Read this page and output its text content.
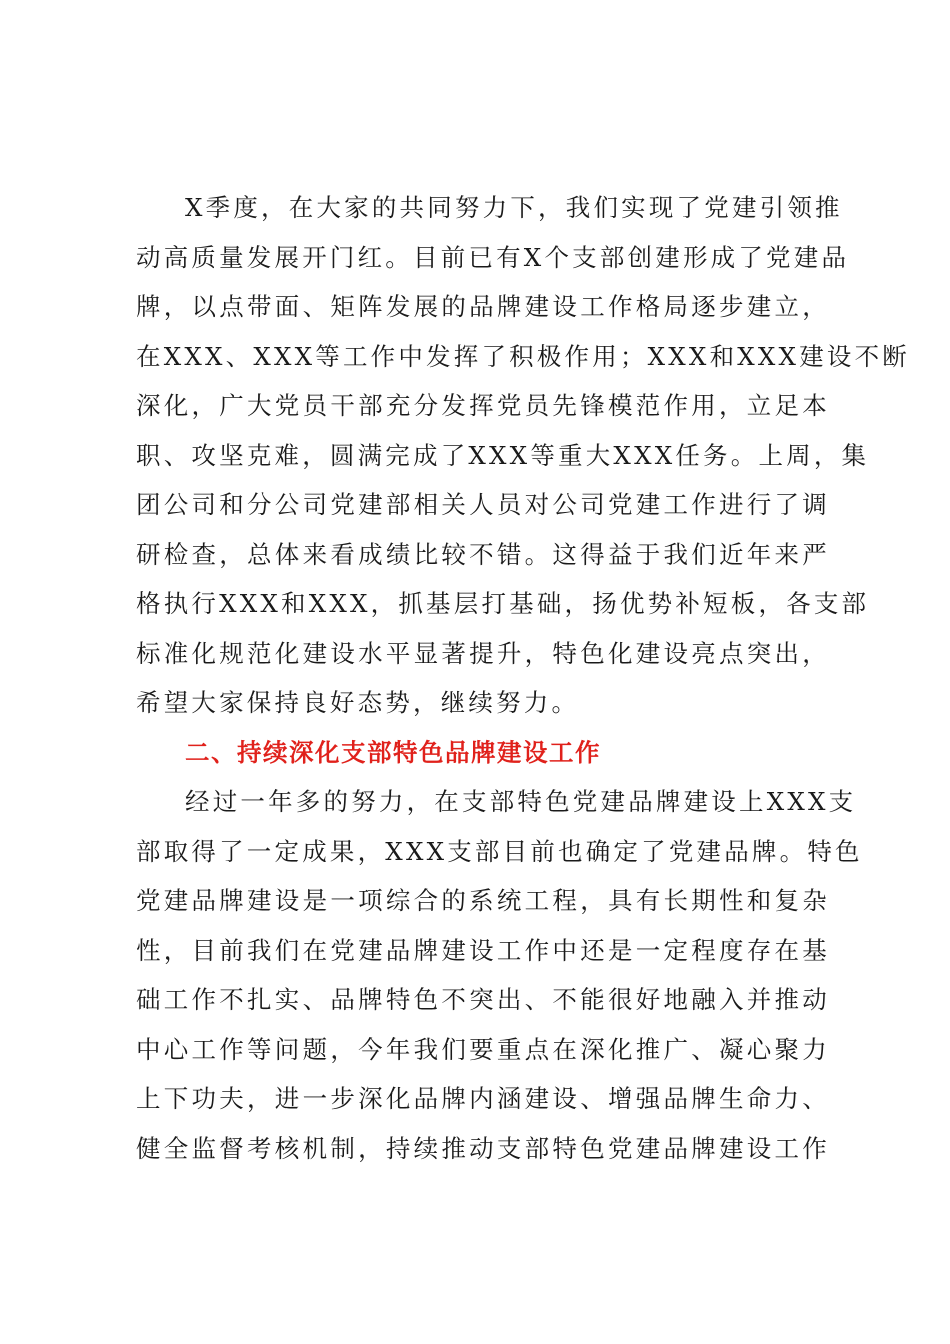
X季度，在大家的共同努力下，我们实现了党建引领推
动高质量发展开门红。目前已有X个支部创建形成了党建品
牌，以点带面、矩阵发展的品牌建设工作格局逐步建立，
在XXX、XXX等工作中发挥了积极作用；XXX和XXX建设不断
深化，广大党员干部充分发挥党员先锋模范作用，立足本
职、攻坚克难，圆满完成了XXX等重大XXX任务。上周，集
团公司和分公司党建部相关人员对公司党建工作进行了调
研检查，总体来看成绩比较不错。这得益于我们近年来严
格执行XXX和XXX，抓基层打基础，扬优势补短板，各支部
标准化规范化建设水平显著提升，特色化建设亮点突出，
希望大家保持良好态势，继续努力。
二、持续深化支部特色品牌建设工作
经过一年多的努力，在支部特色党建品牌建设上XXX支
部取得了一定成果，XXX支部目前也确定了党建品牌。特色
党建品牌建设是一项综合的系统工程，具有长期性和复杂
性，目前我们在党建品牌建设工作中还是一定程度存在基
础工作不扎实、品牌特色不突出、不能很好地融入并推动
中心工作等问题，今年我们要重点在深化推广、凝心聚力
上下功夫，进一步深化品牌内涵建设、增强品牌生命力、
健全监督考核机制，持续推动支部特色党建品牌建设工作
